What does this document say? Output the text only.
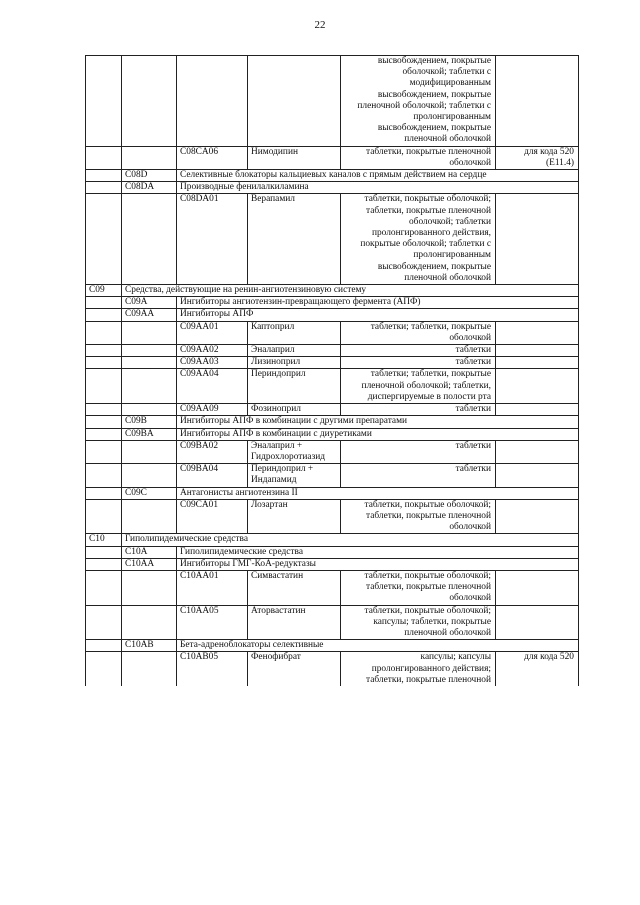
22
				высвобождением, покрытые оболочкой; таблетки с модифицированным высвобождением, покрытые пленочной оболочкой; таблетки с пролонгированным высвобождением, покрытые пленочной оболочкой	
		C08CA06	Нимодипин	таблетки, покрытые пленочной оболочкой	для кода 520 (E11.4)
	C08D	Селективные блокаторы кальциевых каналов с прямым действием на сердце			
	C08DA	Производные фенилалкиламина			
		C08DA01	Верапамил	таблетки, покрытые оболочкой; таблетки, покрытые пленочной оболочкой; таблетки пролонгированного действия, покрытые оболочкой; таблетки с пролонгированным высвобождением, покрытые пленочной оболочкой	
C09	Средства, действующие на ренин-ангиотензиновую систему				
	C09A	Ингибиторы ангиотензин-превращающего фермента (АПФ)			
	C09AA	Ингибиторы АПФ			
		C09AA01	Каптоприл	таблетки; таблетки, покрытые оболочкой	
		C09AA02	Эналаприл	таблетки	
		C09AA03	Лизиноприл	таблетки	
		C09AA04	Периндоприл	таблетки; таблетки, покрытые пленочной оболочкой; таблетки, диспергируемые в полости рта	
		C09AA09	Фозиноприл	таблетки	
	C09B	Ингибиторы АПФ в комбинации с другими препаратами			
	C09BA	Ингибиторы АПФ в комбинации с диуретиками			
		C09BA02	Эналаприл + Гидрохлоротиазид	таблетки	
		C09BA04	Периндоприл + Индапамид	таблетки	
	C09C	Антагонисты ангиотензина II			
		C09CA01	Лозартан	таблетки, покрытые оболочкой; таблетки, покрытые пленочной оболочкой	
C10	Гиполипидемические средства				
	C10A	Гиполипидемические средства			
	C10AA	Ингибиторы ГМГ-КоА-редуктазы			
		C10AA01	Симвастатин	таблетки, покрытые оболочкой; таблетки, покрытые пленочной оболочкой	
		C10AA05	Аторвастатин	таблетки, покрытые оболочкой; капсулы; таблетки, покрытые пленочной оболочкой	
	C10AB	Бета-адреноблокаторы селективные			
		C10AB05	Фенофибрат	капсулы; капсулы пролонгированного действия; таблетки, покрытые пленочной	для кода 520
